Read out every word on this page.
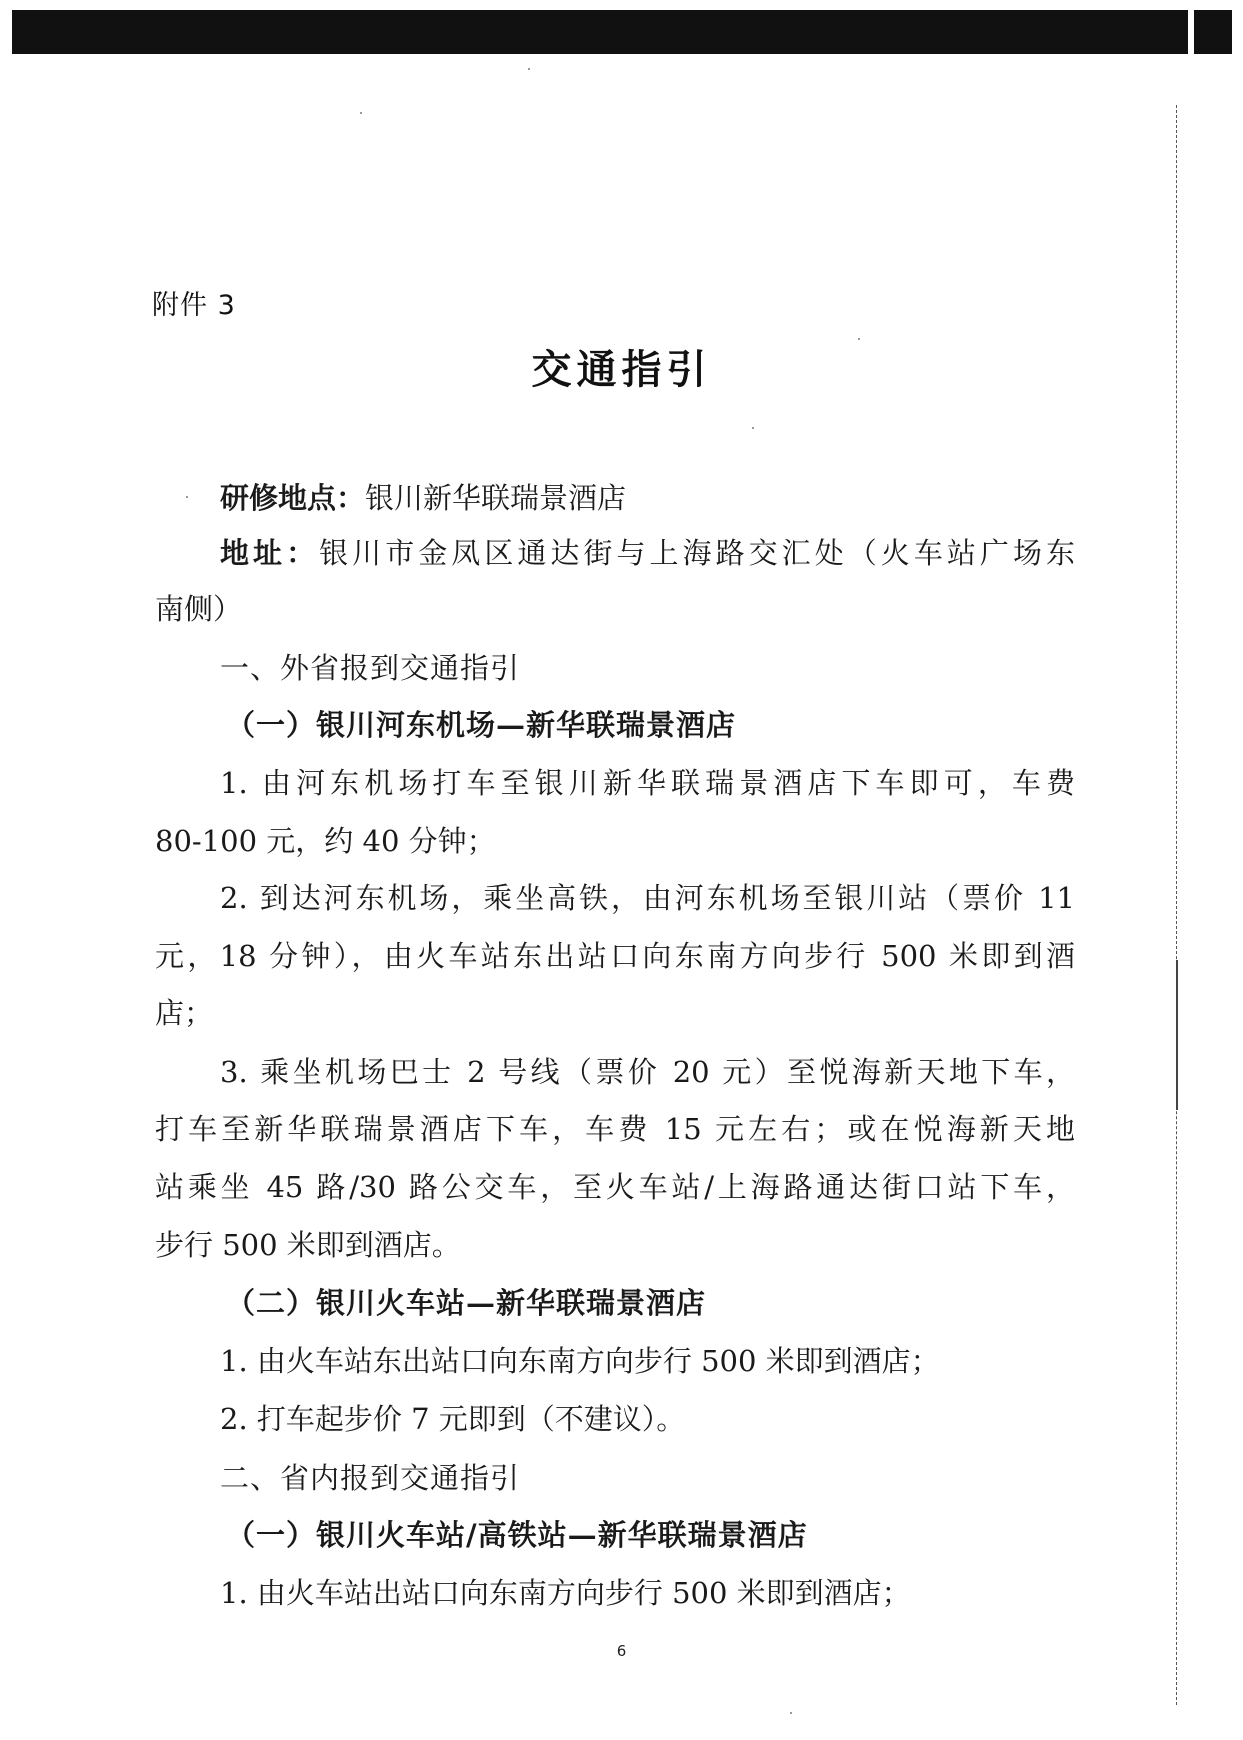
附件 3
交通指引
研修地点：银川新华联瑞景酒店
地址：银川市金凤区通达街与上海路交汇处（火车站广场东
南侧）
一、外省报到交通指引
（一）银川河东机场—新华联瑞景酒店
1. 由河东机场打车至银川新华联瑞景酒店下车即可，车费
80-100 元，约 40 分钟；
2. 到达河东机场，乘坐高铁，由河东机场至银川站（票价 11
元，18 分钟），由火车站东出站口向东南方向步行 500 米即到酒
店；
3. 乘坐机场巴士 2 号线（票价 20 元）至悦海新天地下车，
打车至新华联瑞景酒店下车，车费 15 元左右；或在悦海新天地
站乘坐 45 路/30 路公交车，至火车站/上海路通达街口站下车，
步行 500 米即到酒店。
（二）银川火车站—新华联瑞景酒店
1. 由火车站东出站口向东南方向步行 500 米即到酒店；
2. 打车起步价 7 元即到（不建议）。
二、省内报到交通指引
（一）银川火车站/高铁站—新华联瑞景酒店
1. 由火车站出站口向东南方向步行 500 米即到酒店；
6
